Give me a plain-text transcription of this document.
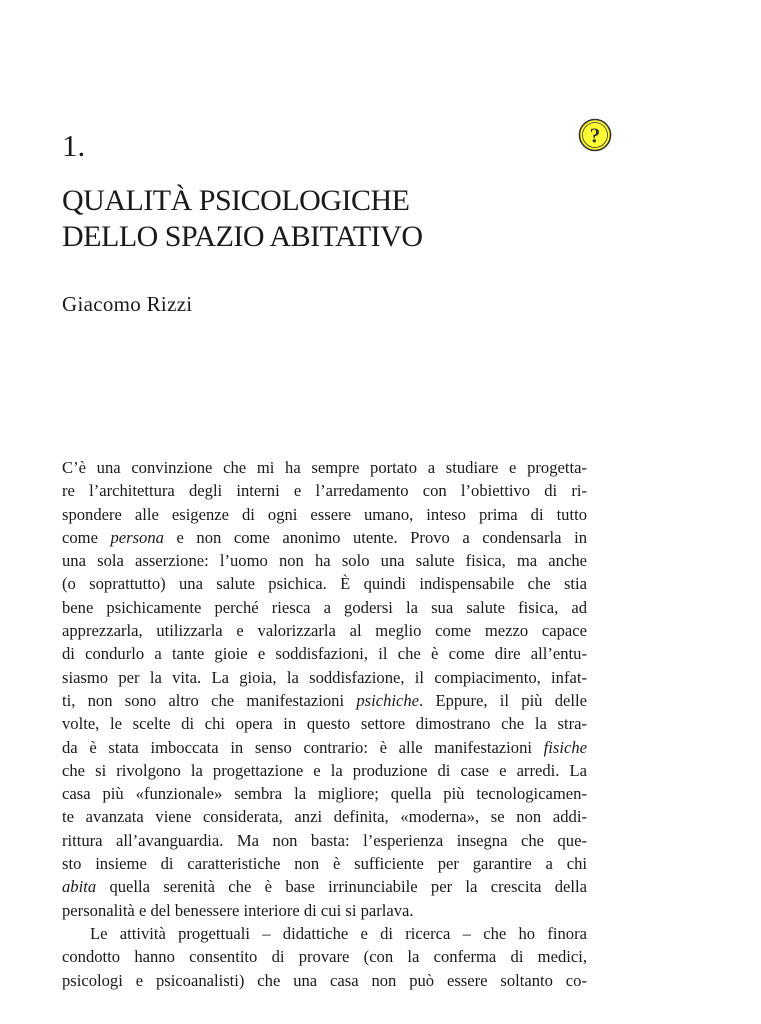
1.	?
QUALITÀ PSICOLOGICHE
DELLO SPAZIO ABITATIVO

Giacomo Rizzi

C’è una convinzione che mi ha sempre portato a studiare e progetta-
re l’architettura degli interni e l’arredamento con l’obiettivo di ri-
spondere alle esigenze di ogni essere umano, inteso prima di tutto
come persona e non come anonimo utente. Provo a condensarla in
una sola asserzione: l’uomo non ha solo una salute fisica, ma anche
(o soprattutto) una salute psichica. È quindi indispensabile che stia
bene psichicamente perché riesca a godersi la sua salute fisica, ad
apprezzarla, utilizzarla e valorizzarla al meglio come mezzo capace
di condurlo a tante gioie e soddisfazioni, il che è come dire all’entu-
siasmo per la vita. La gioia, la soddisfazione, il compiacimento, infat-
ti, non sono altro che manifestazioni psichiche. Eppure, il più delle
volte, le scelte di chi opera in questo settore dimostrano che la stra-
da è stata imboccata in senso contrario: è alle manifestazioni fisiche
che si rivolgono la progettazione e la produzione di case e arredi. La
casa più «funzionale» sembra la migliore; quella più tecnologicamen-
te avanzata viene considerata, anzi definita, «moderna», se non addi-
rittura all’avanguardia. Ma non basta: l’esperienza insegna che que-
sto insieme di caratteristiche non è sufficiente per garantire a chi
abita quella serenità che è base irrinunciabile per la crescita della
personalità e del benessere interiore di cui si parlava.
Le attività progettuali – didattiche e di ricerca – che ho finora
condotto hanno consentito di provare (con la conferma di medici,
psicologi e psicoanalisti) che una casa non può essere soltanto co-
